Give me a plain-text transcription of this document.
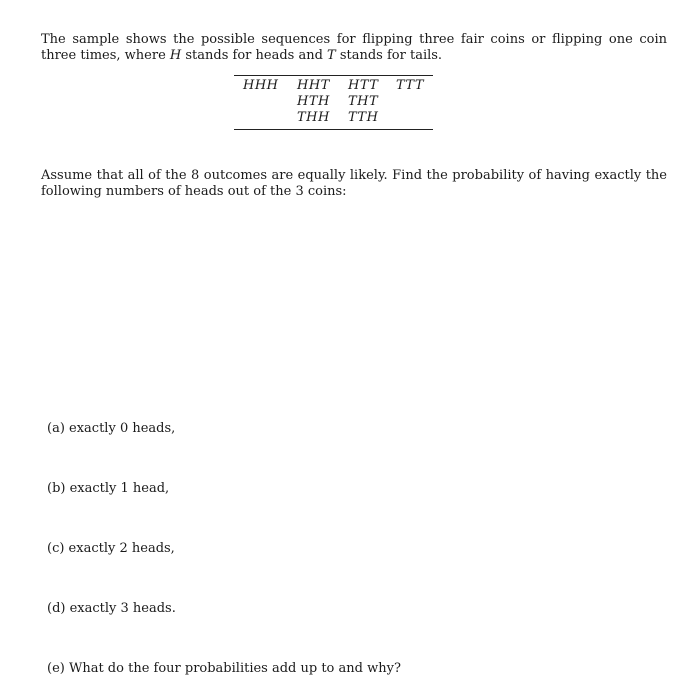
The sample shows the possible sequences for flipping three fair coins or flipping one coin three times, where H stands for heads and T stands for tails.
HHH HHT
HTH
THH
HTT
THT
TTH
TTT
Assume that all of the 8 outcomes are equally likely. Find the probability of having exactly the following numbers of heads out of the 3 coins:
(a) exactly 0 heads,
(b) exactly 1 head,
(c) exactly 2 heads,
(d) exactly 3 heads.
(e) What do the four probabilities add up to and why?
